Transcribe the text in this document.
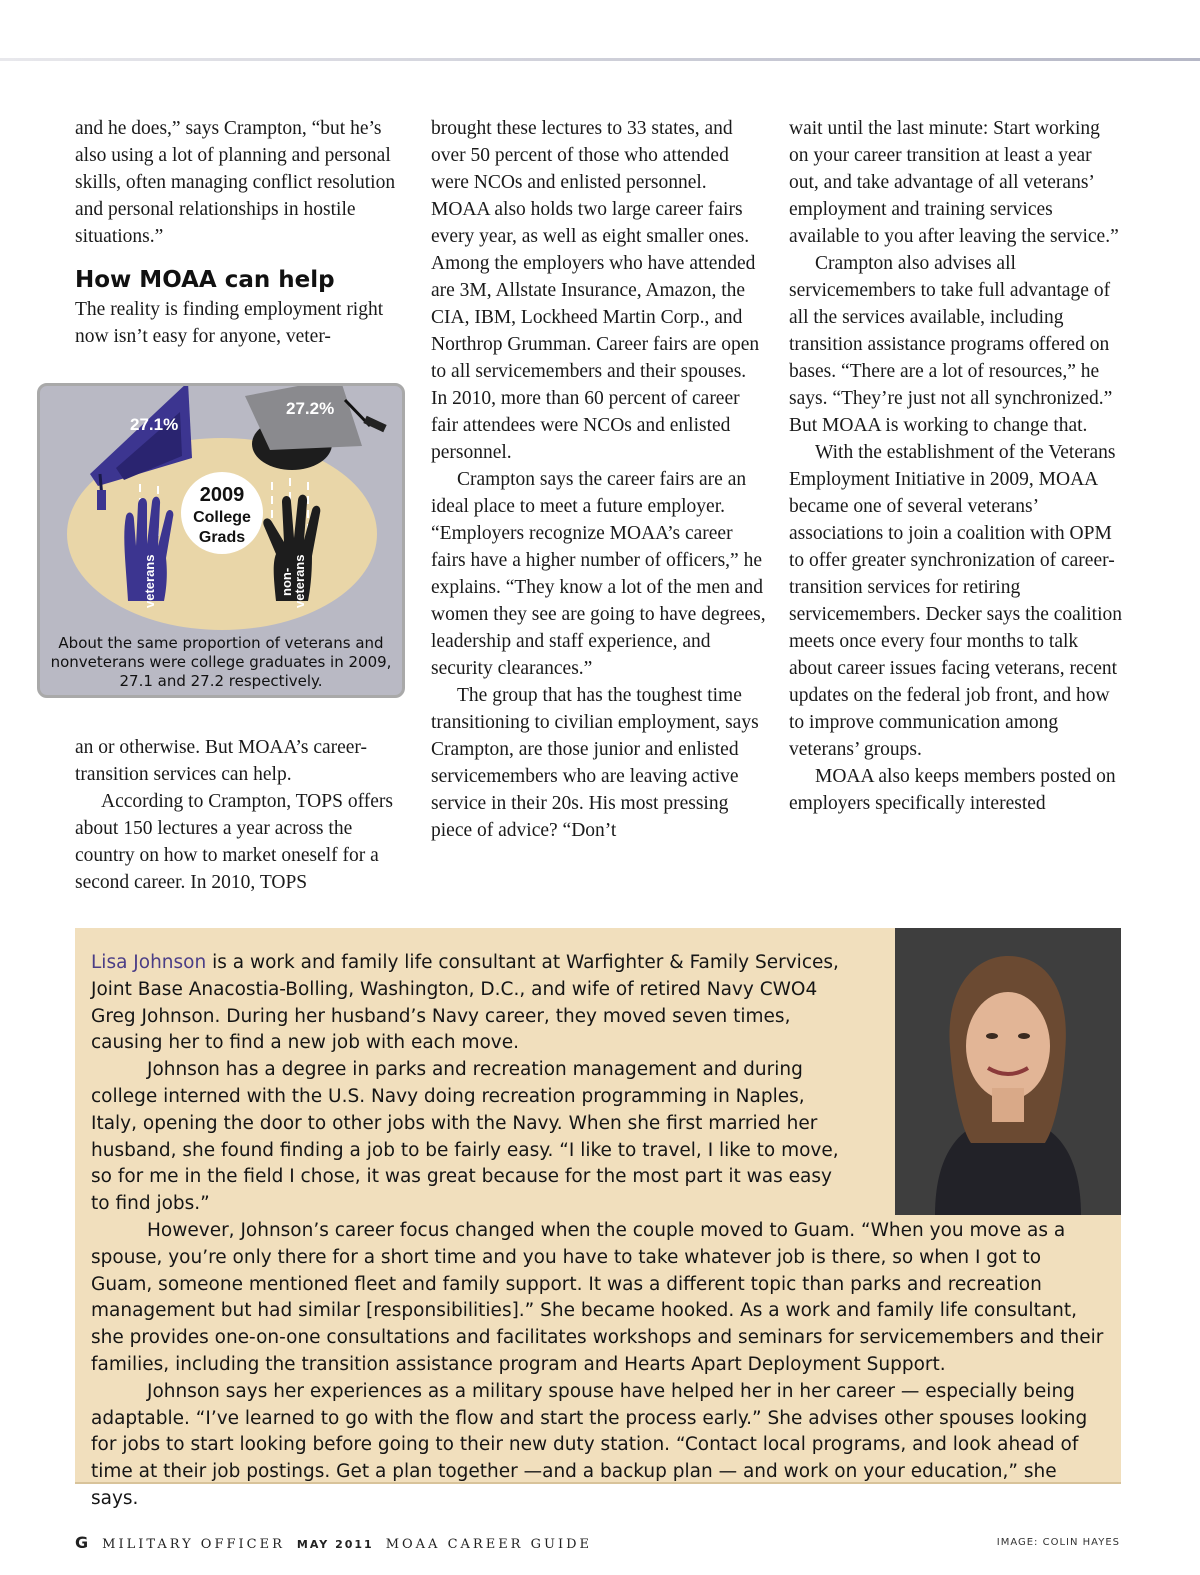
and he does,” says Crampton, “but he’s also using a lot of planning and personal skills, often managing conflict resolution and personal relationships in hostile situations.”

How MOAA can help

The reality is finding employment right now isn’t easy for anyone, veter-

27.1%
27.2%
2009
College
Grads
veterans	non-
veterans
About the same proportion of veterans and nonveterans were college graduates in 2009, 27.1 and 27.2 respectively.

an or otherwise. But MOAA’s career-transition services can help.

According to Crampton, TOPS offers about 150 lectures a year across the country on how to market oneself for a second career. In 2010, TOPS

brought these lectures to 33 states, and over 50 percent of those who attended were NCOs and enlisted personnel. MOAA also holds two large career fairs every year, as well as eight smaller ones. Among the employers who have attended are 3M, Allstate Insurance, Amazon, the CIA, IBM, Lockheed Martin Corp., and Northrop Grumman. Career fairs are open to all servicemembers and their spouses. In 2010, more than 60 percent of career fair attendees were NCOs and enlisted personnel.

Crampton says the career fairs are an ideal place to meet a future employer. “Employers recognize MOAA’s career fairs have a higher number of officers,” he explains. “They know a lot of the men and women they see are going to have degrees, leadership and staff experience, and security clearances.”

The group that has the toughest time transitioning to civilian employment, says Crampton, are those junior and enlisted servicemembers who are leaving active service in their 20s. His most pressing piece of advice? “Don’t

wait until the last minute: Start working on your career transition at least a year out, and take advantage of all veterans’ employment and training services available to you after leaving the service.”

Crampton also advises all servicemembers to take full advantage of all the services available, including transition assistance programs offered on bases. “There are a lot of resources,” he says. “They’re just not all synchronized.” But MOAA is working to change that.

With the establishment of the Veterans Employment Initiative in 2009, MOAA became one of several veterans’ associations to join a coalition with OPM to offer greater synchronization of career-transition services for retiring servicemembers. Decker says the coalition meets once every four months to talk about career issues facing veterans, recent updates on the federal job front, and how to improve communication among veterans’ groups.

MOAA also keeps members posted on employers specifically interested

Lisa Johnson is a work and family life consultant at Warfighter & Family Services, Joint Base Anacostia-Bolling, Washington, D.C., and wife of retired Navy CWO4 Greg Johnson. During her husband’s Navy career, they moved seven times, causing her to find a new job with each move.

Johnson has a degree in parks and recreation management and during college interned with the U.S. Navy doing recreation programming in Naples, Italy, opening the door to other jobs with the Navy. When she first married her husband, she found finding a job to be fairly easy. “I like to travel, I like to move, so for me in the field I chose, it was great because for the most part it was easy to find jobs.”

However, Johnson’s career focus changed when the couple moved to Guam. “When you move as a spouse, you’re only there for a short time and you have to take whatever job is there, so when I got to Guam, someone mentioned fleet and family support. It was a different topic than parks and recreation management but had similar [responsibilities].” She became hooked. As a work and family life consultant, she provides one-on-one consultations and facilitates workshops and seminars for servicemembers and their families, including the transition assistance program and Hearts Apart Deployment Support.

Johnson says her experiences as a military spouse have helped her in her career — especially being adaptable. “I’ve learned to go with the flow and start the process early.” She advises other spouses looking for jobs to start looking before going to their new duty station. “Contact local programs, and look ahead of time at their job postings. Get a plan together —and a backup plan — and work on your education,” she says.

G MILITARY OFFICER MAY 2011 MOAA CAREER GUIDE	IMAGE: COLIN HAYES
